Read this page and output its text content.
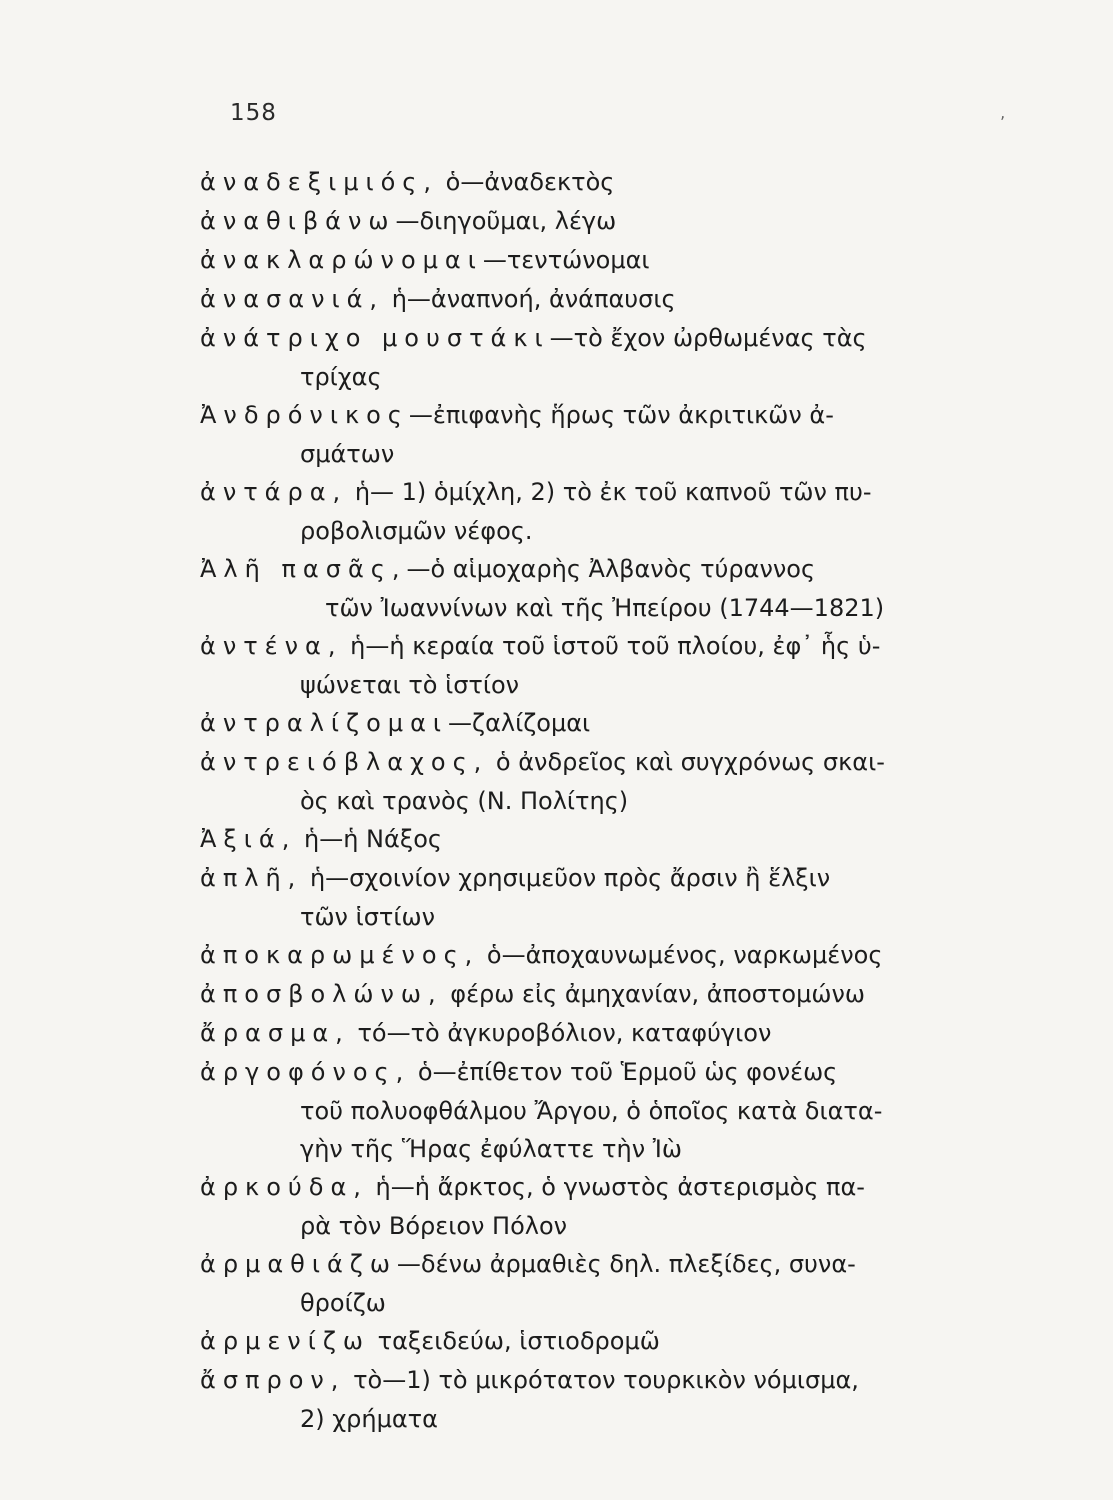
158	‚

ἀναδεξιμιός, ὁ—ἀναδεκτὸς

ἀναθιβάνω—διηγοῦμαι, λέγω

ἀνακλαρώνομαι—τεντώνομαι

ἀνασανιά, ἡ—ἀναπνοή, ἀνάπαυσις

ἀνάτριχο μουστάκι—τὸ ἔχον ὠρθωμένας τὰς
τρίχας

Ἀνδρόνικος—ἐπιφανὴς ἥρως τῶν ἀκριτικῶν ἀ-
σμάτων

ἀντάρα, ἡ— 1) ὁμίχλη, 2) τὸ ἐκ τοῦ καπνοῦ τῶν πυ-
ροβολισμῶν νέφος.

Ἀλῆ πασᾶς,—ὁ αἱμοχαρὴς Ἀλβανὸς τύραννος
τῶν Ἰωαννίνων καὶ τῆς Ἠπείρου (1744—1821)

ἀντένα, ἡ—ἡ κεραία τοῦ ἱστοῦ τοῦ πλοίου, ἐφ᾿ ἧς ὑ-
ψώνεται τὸ ἱστίον

ἀντραλίζομαι—ζαλίζομαι

ἀντρειόβλαχος, ὁ ἀνδρεῖος καὶ συγχρόνως σκαι-
ὸς καὶ τρανὸς (Ν. Πολίτης)

Ἀξιά, ἡ—ἡ Νάξος

ἀπλῆ, ἡ—σχοινίον χρησιμεῦον πρὸς ἄρσιν ἢ ἕλξιν
τῶν ἱστίων

ἀποκαρωμένος, ὁ—ἀποχαυνωμένος, ναρκωμένος

ἀποσβολώνω, φέρω εἰς ἀμηχανίαν, ἀποστομώνω

ἄρασμα, τό—τὸ ἀγκυροβόλιον, καταφύγιον

ἀργοφόνος, ὁ—ἐπίθετον τοῦ Ἑρμοῦ ὡς φονέως
τοῦ πολυοφθάλμου Ἄργου, ὁ ὁποῖος κατὰ διατα-
γὴν τῆς Ἥρας ἐφύλαττε τὴν Ἰὼ

ἀρκούδα, ἡ—ἡ ἄρκτος, ὁ γνωστὸς ἀστερισμὸς πα-
ρὰ τὸν Βόρειον Πόλον

ἀρμαθιάζω—δένω ἀρμαθιὲς δηλ. πλεξίδες, συνα-
θροίζω

ἀρμενίζω ταξειδεύω, ἱστιοδρομῶ

ἄσπρον, τὸ—1) τὸ μικρότατον τουρκικὸν νόμισμα,
2) χρήματα
